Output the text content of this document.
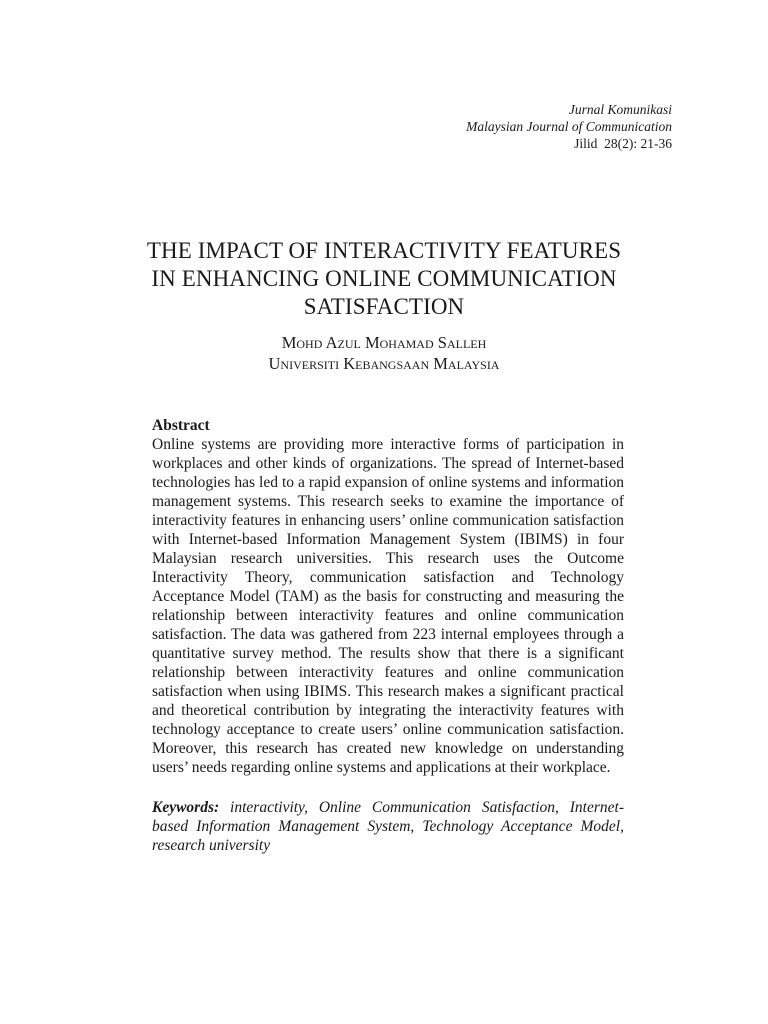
Jurnal Komunikasi
Malaysian Journal of Communication
Jilid  28(2): 21-36
THE IMPACT OF INTERACTIVITY FEATURES
IN ENHANCING ONLINE COMMUNICATION
SATISFACTION
Mohd Azul Mohamad Salleh
Universiti Kebangsaan Malaysia

Abstract

Online systems are providing more interactive forms of participation in workplaces and other kinds of organizations. The spread of Internet-based technologies has led to a rapid expansion of online systems and information management systems. This research seeks to examine the importance of interactivity features in enhancing users’ online communication satisfaction with Internet-based Information Management System (IBIMS) in four Malaysian research universities. This research uses the Outcome Interactivity Theory, communication satisfaction and Technology Acceptance Model (TAM) as the basis for constructing and measuring the relationship between interactivity features and online communication satisfaction. The data was gathered from 223 internal employees through a quantitative survey method. The results show that there is a significant relationship between interactivity features and online communication satisfaction when using IBIMS. This research makes a significant practical and theoretical contribution by integrating the interactivity features with technology acceptance to create users’ online communication satisfaction. Moreover, this research has created new knowledge on understanding users’ needs regarding online systems and applications at their workplace.

Keywords: interactivity, Online Communication Satisfaction, Internet-based Information Management System, Technology Acceptance Model, research university
